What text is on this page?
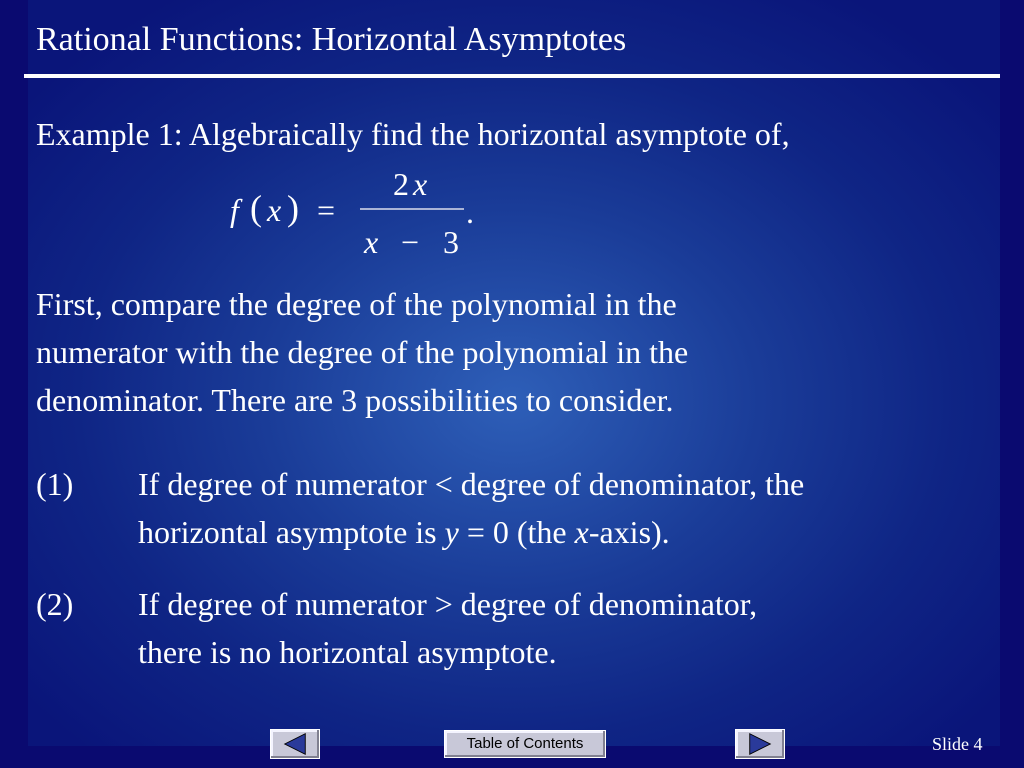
Rational Functions: Horizontal Asymptotes
Example 1: Algebraically find the horizontal asymptote of,
f ( x ) =
2 x
.
x − 3
First, compare the degree of the polynomial in the
numerator with the degree of the polynomial in the
denominator. There are 3 possibilities to consider.
(1) If degree of numerator < degree of denominator, the
horizontal asymptote is y = 0 (the x-axis).
(2) If degree of numerator > degree of denominator,
there is no horizontal asymptote.
Table of Contents	Slide 4
